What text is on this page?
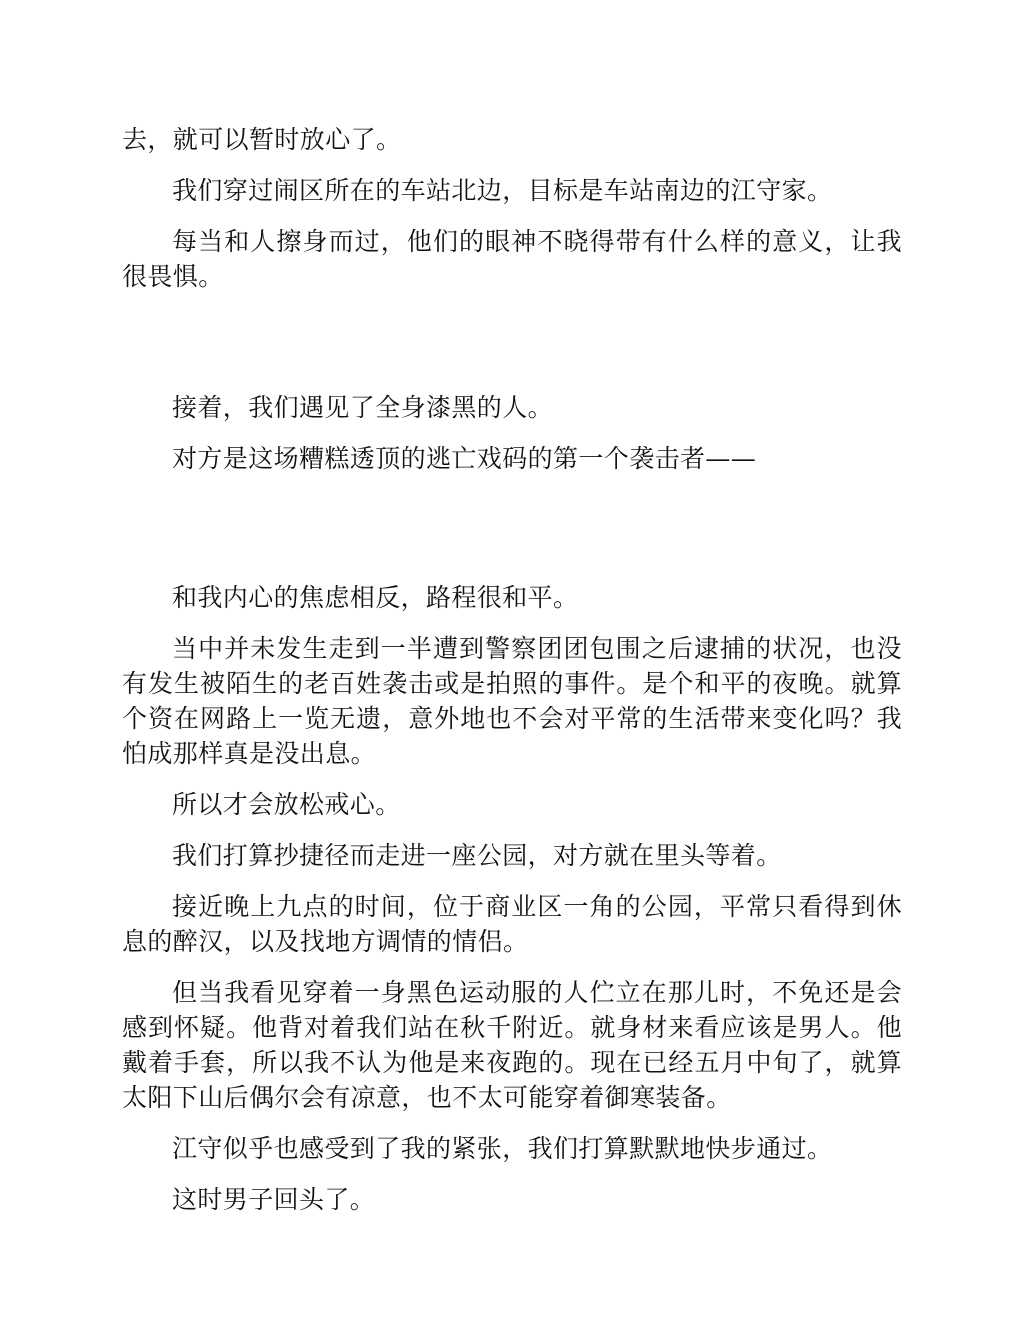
去，就可以暂时放心了。

我们穿过闹区所在的车站北边，目标是车站南边的江守家。

每当和人擦身而过，他们的眼神不晓得带有什么样的意义，让我很畏惧。

接着，我们遇见了全身漆黑的人。

对方是这场糟糕透顶的逃亡戏码的第一个袭击者——

和我内心的焦虑相反，路程很和平。

当中并未发生走到一半遭到警察团团包围之后逮捕的状况，也没有发生被陌生的老百姓袭击或是拍照的事件。是个和平的夜晚。就算个资在网路上一览无遗，意外地也不会对平常的生活带来变化吗？我怕成那样真是没出息。

所以才会放松戒心。

我们打算抄捷径而走进一座公园，对方就在里头等着。

接近晚上九点的时间，位于商业区一角的公园，平常只看得到休息的醉汉，以及找地方调情的情侣。

但当我看见穿着一身黑色运动服的人伫立在那儿时，不免还是会感到怀疑。他背对着我们站在秋千附近。就身材来看应该是男人。他戴着手套，所以我不认为他是来夜跑的。现在已经五月中旬了，就算太阳下山后偶尔会有凉意，也不太可能穿着御寒装备。

江守似乎也感受到了我的紧张，我们打算默默地快步通过。

这时男子回头了。
